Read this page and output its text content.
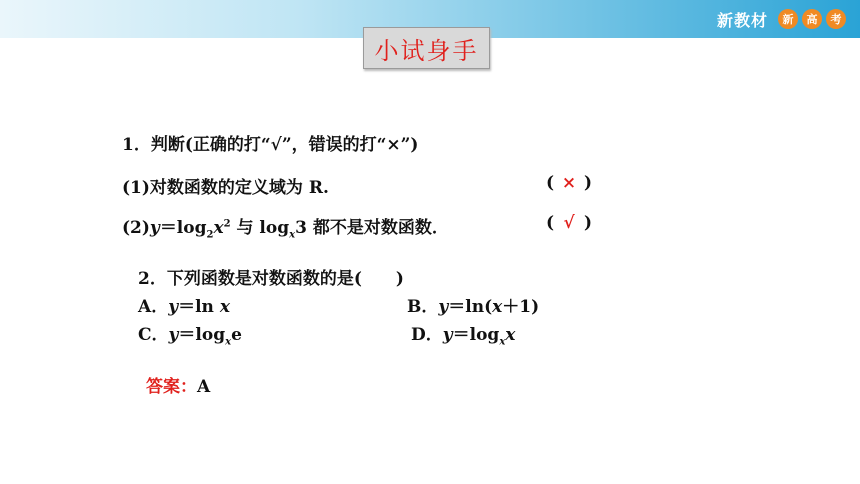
新教材	新	高	考
小试身手
1．判断(正确的打“√”，错误的打“×”)
(1)对数函数的定义域为 R.	( × )
$(2)y=\log_2x^2$ 与 $\log_x3$ 都不是对数函数．	( √ )
2．下列函数是对数函数的是(　　)
A．y＝ln x	B．y＝ln(x＋1)
C．$y=\log_xe$	D．$y=\log_xx$
答案：A
